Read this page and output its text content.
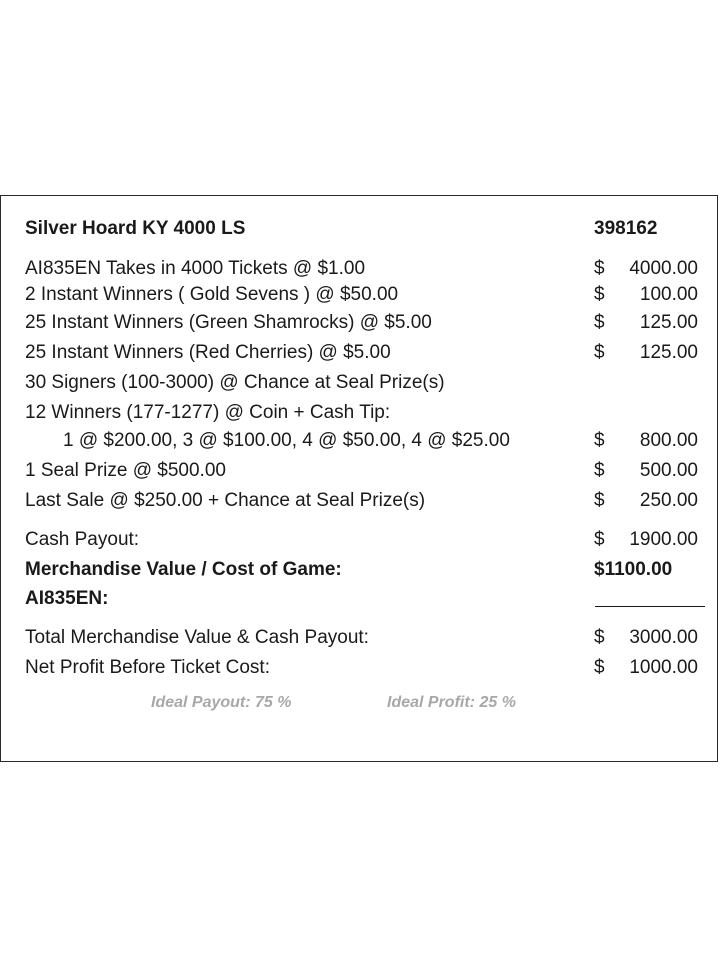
Silver Hoard KY 4000 LS	398162
AI835EN Takes in 4000 Tickets @ $1.00	$ 4000.00
2 Instant Winners ( Gold Sevens ) @ $50.00	$ 100.00
25 Instant Winners (Green Shamrocks) @ $5.00	$ 125.00
25 Instant Winners (Red Cherries) @ $5.00	$ 125.00
30 Signers (100-3000) @ Chance at Seal Prize(s)
12 Winners (177-1277) @ Coin + Cash Tip:
1 @ $200.00, 3 @ $100.00, 4 @ $50.00, 4 @ $25.00	$ 800.00
1 Seal Prize @ $500.00	$ 500.00
Last Sale @ $250.00 + Chance at Seal Prize(s)	$ 250.00
Cash Payout:	$ 1900.00
Merchandise Value / Cost of Game:	$1100.00
AI835EN:
Total Merchandise Value & Cash Payout:	$ 3000.00
Net Profit Before Ticket Cost:	$ 1000.00
Ideal Payout: 75 %	Ideal Profit: 25 %
